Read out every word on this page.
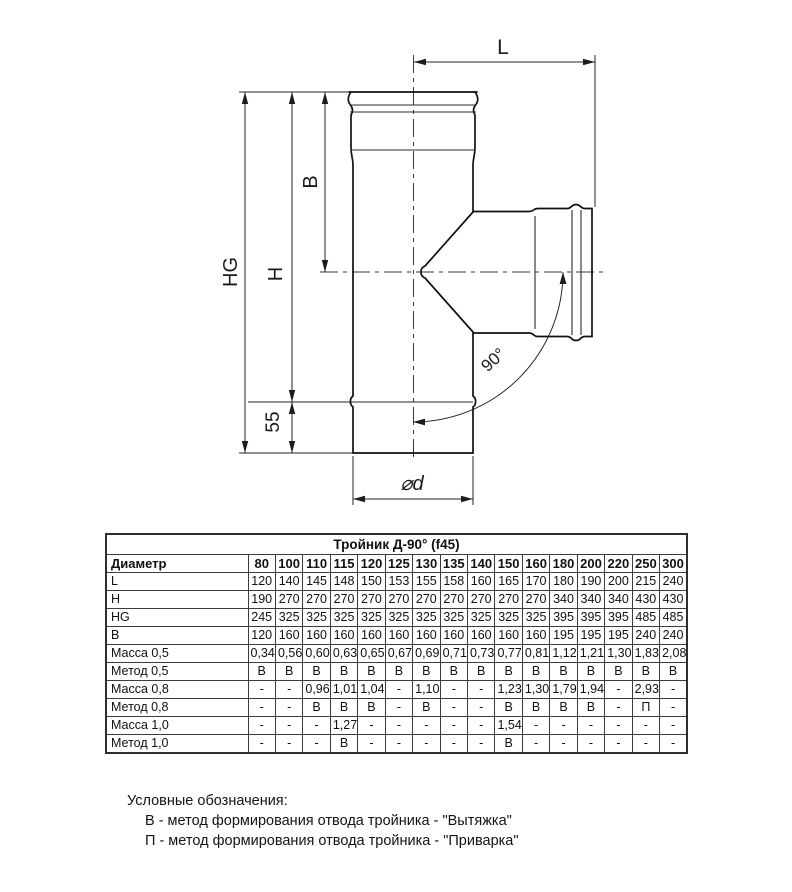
L
B
H
HG
55
90°
⌀d
Тройник Д-90° (f45)																
Диаметр	80	100	110	115	120	125	130	135	140	150	160	180	200	220	250	300
L	120	140	145	148	150	153	155	158	160	165	170	180	190	200	215	240
H	190	270	270	270	270	270	270	270	270	270	270	340	340	340	430	430
HG	245	325	325	325	325	325	325	325	325	325	325	395	395	395	485	485
B	120	160	160	160	160	160	160	160	160	160	160	195	195	195	240	240
Масса 0,5	0,34	0,56	0,60	0,63	0,65	0,67	0,69	0,71	0,73	0,77	0,81	1,12	1,21	1,30	1,83	2,08
Метод 0,5	В	В	В	В	В	В	В	В	В	В	В	В	В	В	В	В
Масса 0,8	-	-	0,96	1,01	1,04	-	1,10	-	-	1,23	1,30	1,79	1,94	-	2,93	-
Метод 0,8	-	-	В	В	В	-	В	-	-	В	В	В	В	-	П	-
Масса 1,0	-	-	-	1,27	-	-	-	-	-	1,54	-	-	-	-	-	-
Метод 1,0	-	-	-	В	-	-	-	-	-	В	-	-	-	-	-	-
Условные обозначения:
В - метод формирования отвода тройника - "Вытяжка"
П - метод формирования отвода тройника - "Приварка"
